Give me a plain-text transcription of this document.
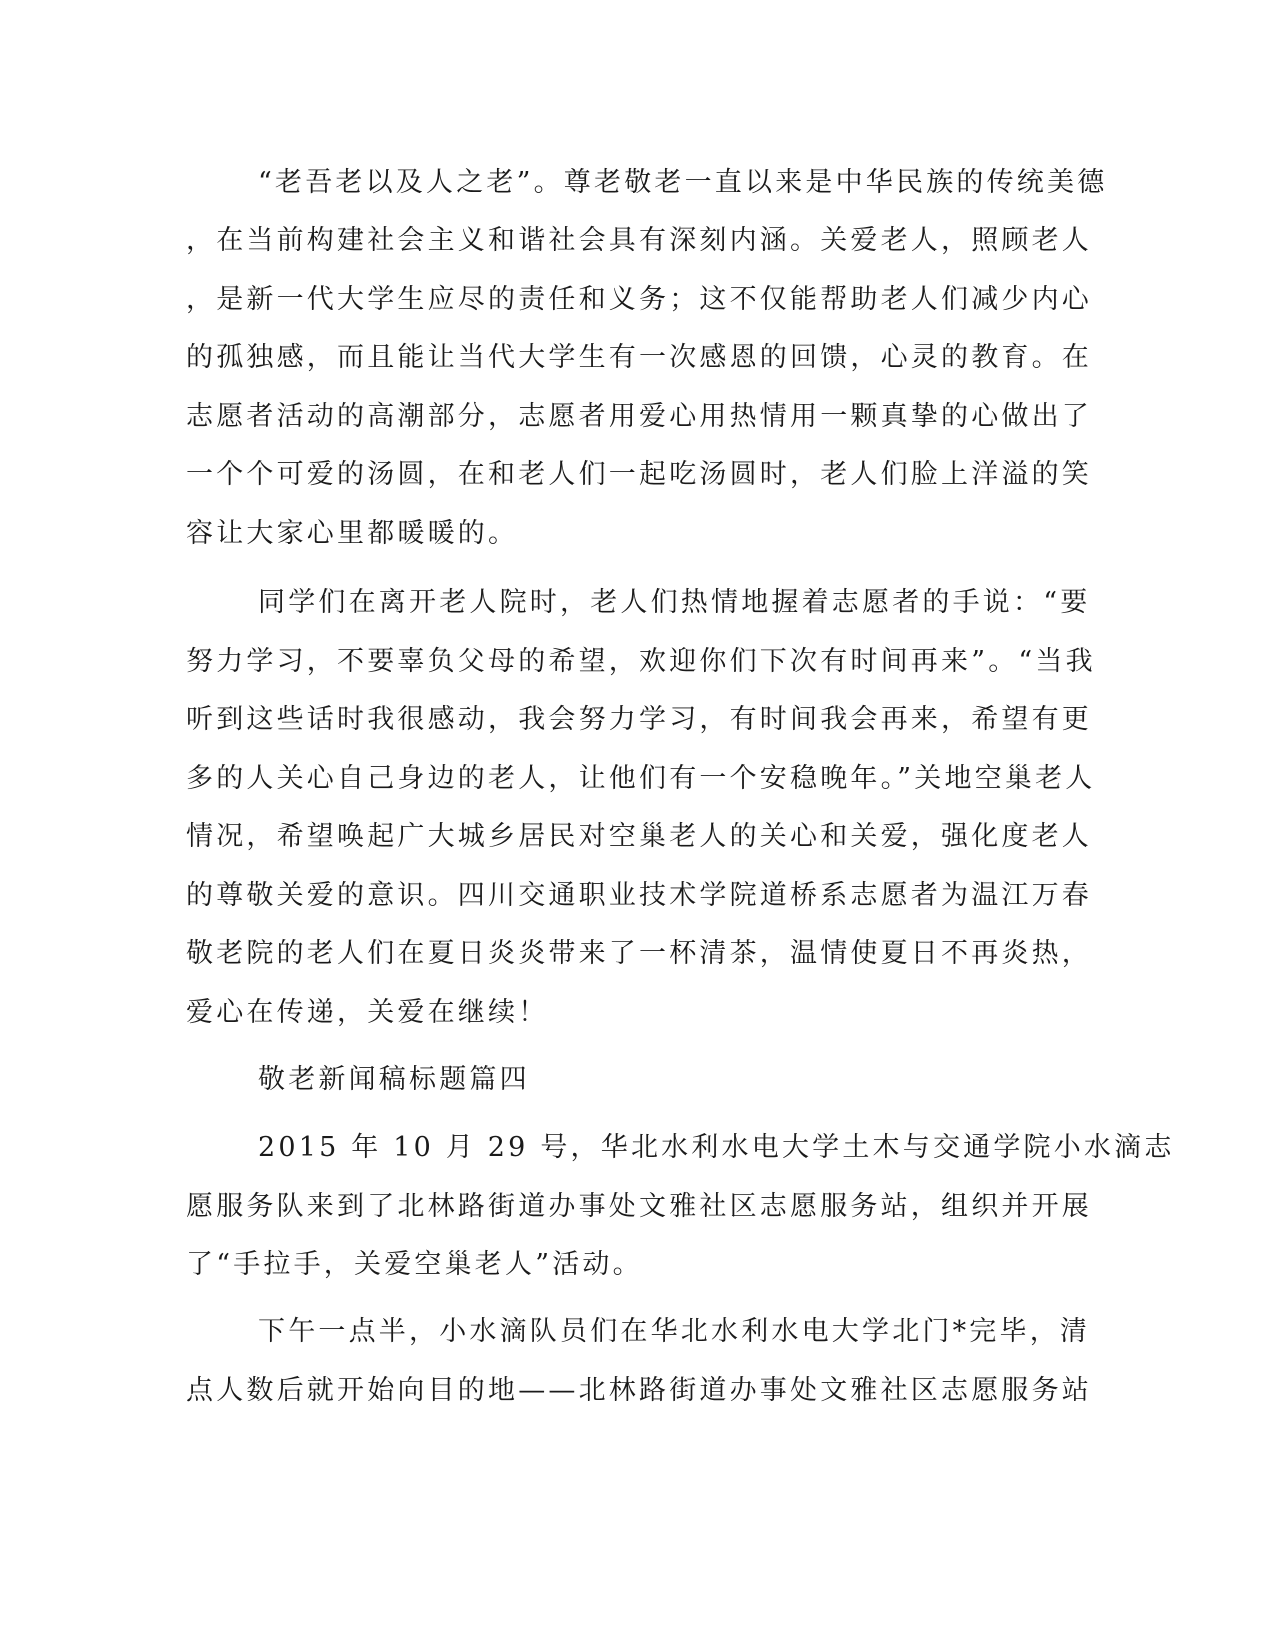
“老吾老以及人之老”。尊老敬老一直以来是中华民族的传统美德
，在当前构建社会主义和谐社会具有深刻内涵。关爱老人，照顾老人
，是新一代大学生应尽的责任和义务；这不仅能帮助老人们减少内心
的孤独感，而且能让当代大学生有一次感恩的回馈，心灵的教育。在
志愿者活动的高潮部分，志愿者用爱心用热情用一颗真挚的心做出了
一个个可爱的汤圆，在和老人们一起吃汤圆时，老人们脸上洋溢的笑
容让大家心里都暖暖的。
同学们在离开老人院时，老人们热情地握着志愿者的手说：“要
努力学习，不要辜负父母的希望，欢迎你们下次有时间再来”。“当我
听到这些话时我很感动，我会努力学习，有时间我会再来，希望有更
多的人关心自己身边的老人，让他们有一个安稳晚年。”关地空巢老人
情况，希望唤起广大城乡居民对空巢老人的关心和关爱，强化度老人
的尊敬关爱的意识。四川交通职业技术学院道桥系志愿者为温江万春
敬老院的老人们在夏日炎炎带来了一杯清茶，温情使夏日不再炎热，
爱心在传递，关爱在继续！
敬老新闻稿标题篇四
2015 年 10 月 29 号，华北水利水电大学土木与交通学院小水滴志
愿服务队来到了北林路街道办事处文雅社区志愿服务站，组织并开展
了“手拉手，关爱空巢老人”活动。
下午一点半，小水滴队员们在华北水利水电大学北门*完毕，清
点人数后就开始向目的地——北林路街道办事处文雅社区志愿服务站
